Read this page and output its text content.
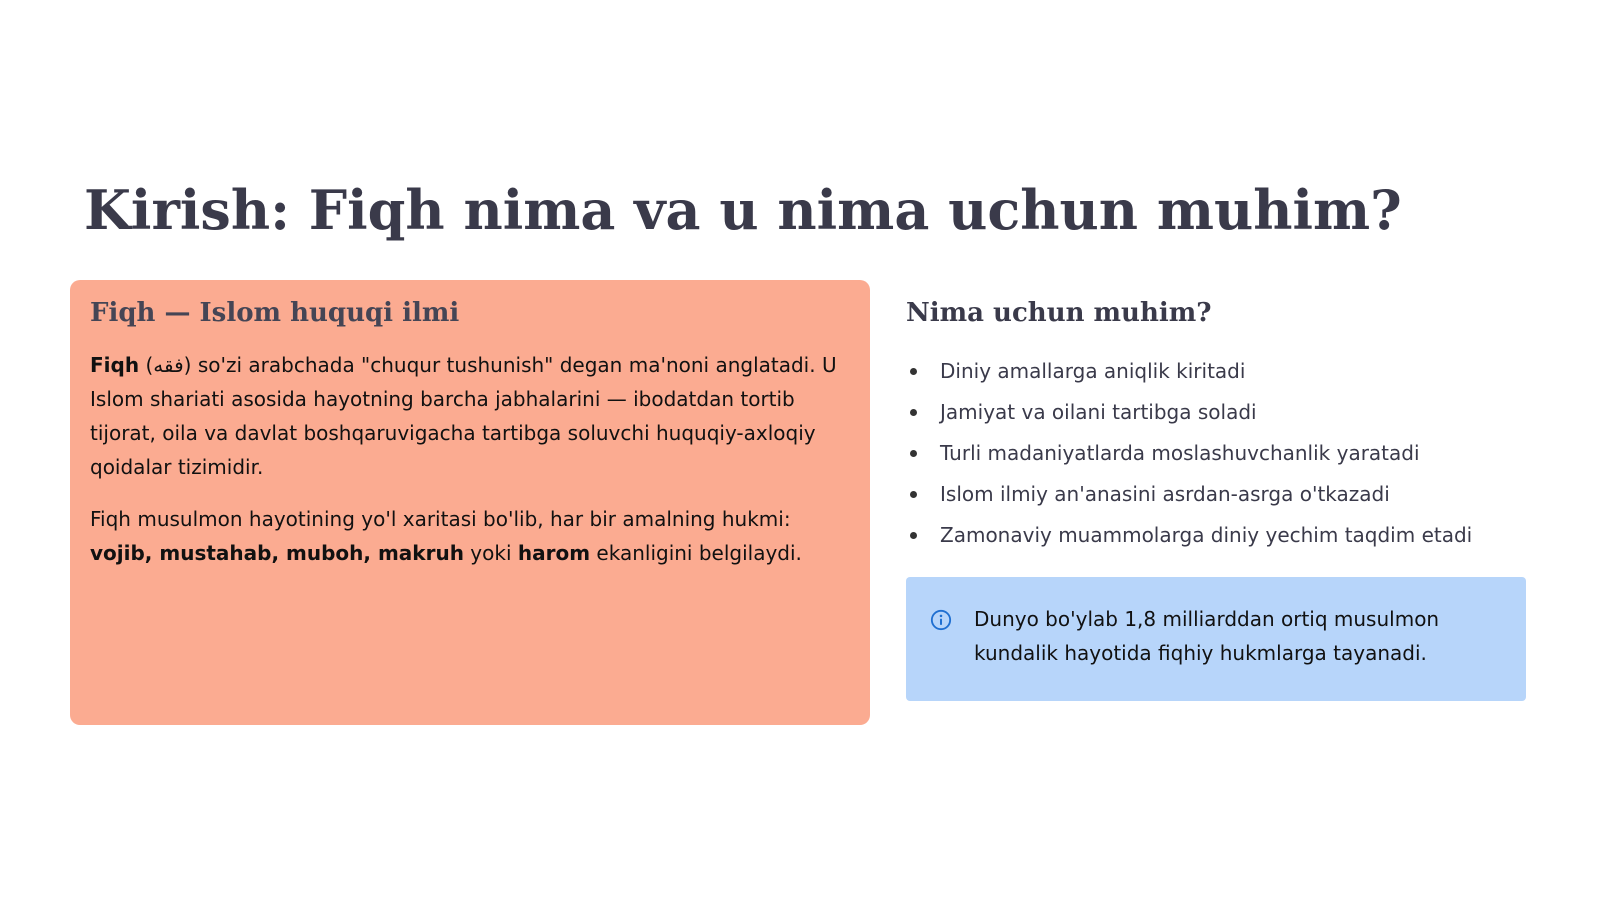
Kirish: Fiqh nima va u nima uchun muhim?
Fiqh — Islom huquqi ilmi

Fiqh (فقه) so'zi arabchada "chuqur tushunish" degan ma'noni anglatadi. U Islom shariati asosida hayotning barcha jabhalarini — ibodatdan tortib tijorat, oila va davlat boshqaruvigacha tartibga soluvchi huquqiy-axloqiy qoidalar tizimidir.

Fiqh musulmon hayotining yo'l xaritasi bo'lib, har bir amalning hukmi: vojib, mustahab, muboh, makruh yoki harom ekanligini belgilaydi.

Nima uchun muhim?
Diniy amallarga aniqlik kiritadi
Jamiyat va oilani tartibga soladi
Turli madaniyatlarda moslashuvchanlik yaratadi
Islom ilmiy an'anasini asrdan-asrga o'tkazadi
Zamonaviy muammolarga diniy yechim taqdim etadi

Dunyo bo'ylab 1,8 milliarddan ortiq musulmon kundalik hayotida fiqhiy hukmlarga tayanadi.
